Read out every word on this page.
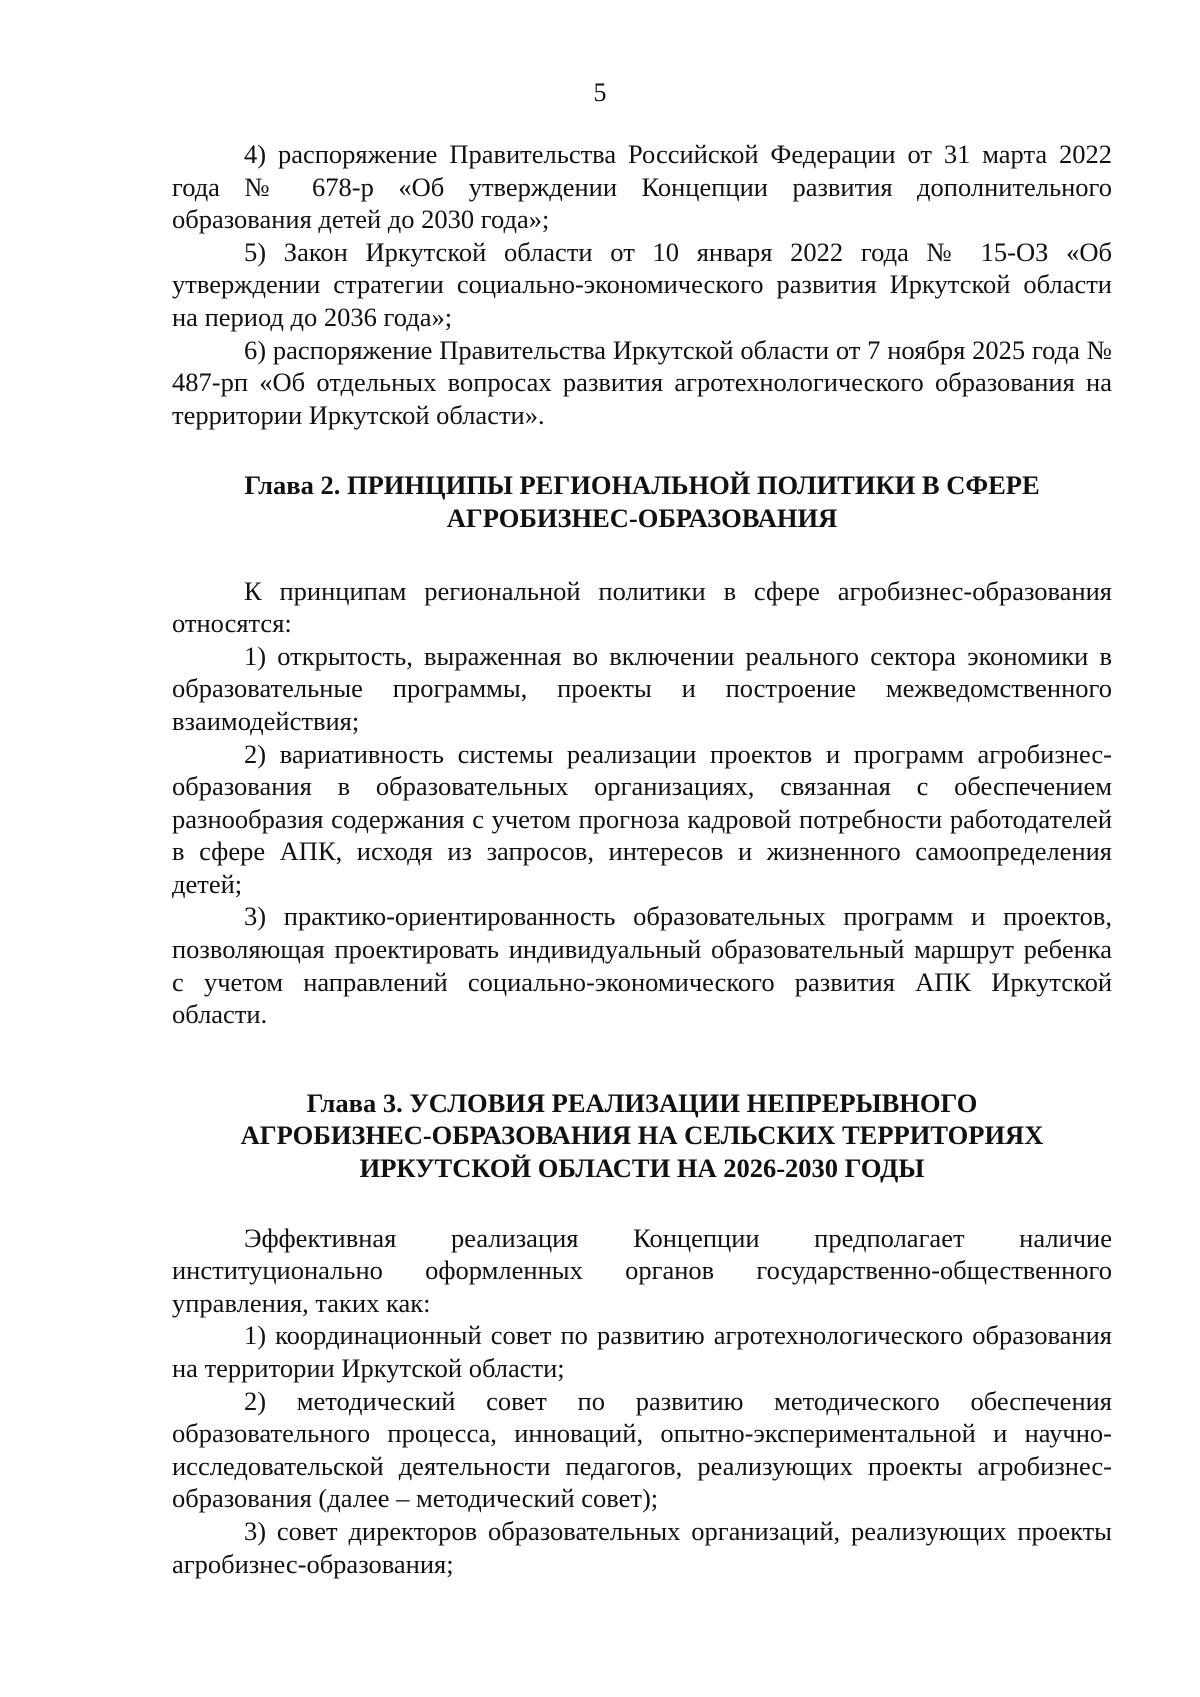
5

4) распоряжение Правительства Российской Федерации от 31 марта 2022 года № 678-р «Об утверждении Концепции развития дополнительного образования детей до 2030 года»;

5) Закон Иркутской области от 10 января 2022 года № 15-ОЗ «Об утверждении стратегии социально-экономического развития Иркутской области на период до 2036 года»;

6) распоряжение Правительства Иркутской области от 7 ноября 2025 года № 487-рп «Об отдельных вопросах развития агротехнологического образования на территории Иркутской области».

Глава 2. ПРИНЦИПЫ РЕГИОНАЛЬНОЙ ПОЛИТИКИ В СФЕРЕ
АГРОБИЗНЕС-ОБРАЗОВАНИЯ

К принципам региональной политики в сфере агробизнес-образования относятся:

1) открытость, выраженная во включении реального сектора экономики в образовательные программы, проекты и построение межведомственного взаимодействия;

2) вариативность системы реализации проектов и программ агробизнес-образования в образовательных организациях, связанная с обеспечением разнообразия содержания с учетом прогноза кадровой потребности работодателей в сфере АПК, исходя из запросов, интересов и жизненного самоопределения детей;

3) практико-ориентированность образовательных программ и проектов, позволяющая проектировать индивидуальный образовательный маршрут ребенка с учетом направлений социально-экономического развития АПК Иркутской области.

Глава 3. УСЛОВИЯ РЕАЛИЗАЦИИ НЕПРЕРЫВНОГО
АГРОБИЗНЕС-ОБРАЗОВАНИЯ НА СЕЛЬСКИХ ТЕРРИТОРИЯХ
ИРКУТСКОЙ ОБЛАСТИ НА 2026-2030 ГОДЫ

Эффективная реализация Концепции предполагает наличие институционально оформленных органов государственно-общественного управления, таких как:

1) координационный совет по развитию агротехнологического образования на территории Иркутской области;

2) методический совет по развитию методического обеспечения образовательного процесса, инноваций, опытно-экспериментальной и научно-исследовательской деятельности педагогов, реализующих проекты агробизнес-образования (далее – методический совет);

3) совет директоров образовательных организаций, реализующих проекты агробизнес-образования;
